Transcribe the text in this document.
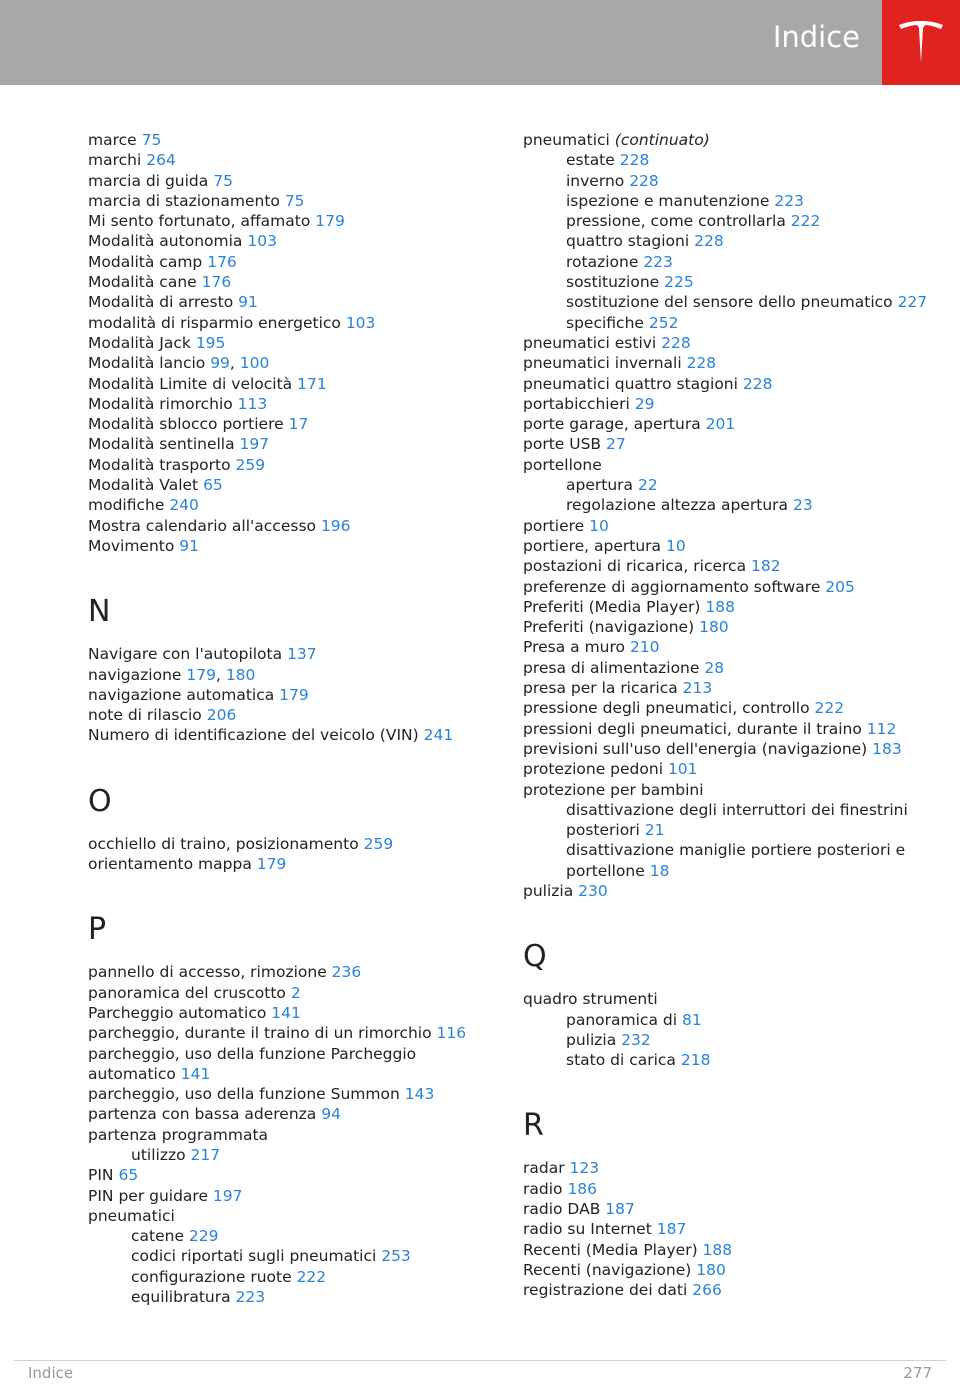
Indice
marce 75
marchi 264
marcia di guida 75
marcia di stazionamento 75
Mi sento fortunato, affamato 179
Modalità autonomia 103
Modalità camp 176
Modalità cane 176
Modalità di arresto 91
modalità di risparmio energetico 103
Modalità Jack 195
Modalità lancio 99, 100
Modalità Limite di velocità 171
Modalità rimorchio 113
Modalità sblocco portiere 17
Modalità sentinella 197
Modalità trasporto 259
Modalità Valet 65
modifiche 240
Mostra calendario all'accesso 196
Movimento 91
N
Navigare con l'autopilota 137
navigazione 179, 180
navigazione automatica 179
note di rilascio 206
Numero di identificazione del veicolo (VIN) 241
O
occhiello di traino, posizionamento 259
orientamento mappa 179
P
pannello di accesso, rimozione 236
panoramica del cruscotto 2
Parcheggio automatico 141
parcheggio, durante il traino di un rimorchio 116
parcheggio, uso della funzione Parcheggio automatico 141
parcheggio, uso della funzione Summon 143
partenza con bassa aderenza 94
partenza programmata
utilizzo 217
PIN 65
PIN per guidare 197
pneumatici
catene 229
codici riportati sugli pneumatici 253
configurazione ruote 222
equilibratura 223
pneumatici (continuato)
estate 228
inverno 228
ispezione e manutenzione 223
pressione, come controllarla 222
quattro stagioni 228
rotazione 223
sostituzione 225
sostituzione del sensore dello pneumatico 227
specifiche 252
pneumatici estivi 228
pneumatici invernali 228
pneumatici quattro stagioni 228
portabicchieri 29
porte garage, apertura 201
porte USB 27
portellone
apertura 22
regolazione altezza apertura 23
portiere 10
portiere, apertura 10
postazioni di ricarica, ricerca 182
preferenze di aggiornamento software 205
Preferiti (Media Player) 188
Preferiti (navigazione) 180
Presa a muro 210
presa di alimentazione 28
presa per la ricarica 213
pressione degli pneumatici, controllo 222
pressioni degli pneumatici, durante il traino 112
previsioni sull'uso dell'energia (navigazione) 183
protezione pedoni 101
protezione per bambini
disattivazione degli interruttori dei finestrini posteriori 21
disattivazione maniglie portiere posteriori e portellone 18
pulizia 230
Q
quadro strumenti
panoramica di 81
pulizia 232
stato di carica 218
R
radar 123
radio 186
radio DAB 187
radio su Internet 187
Recenti (Media Player) 188
Recenti (navigazione) 180
registrazione dei dati 266
Indice	277
